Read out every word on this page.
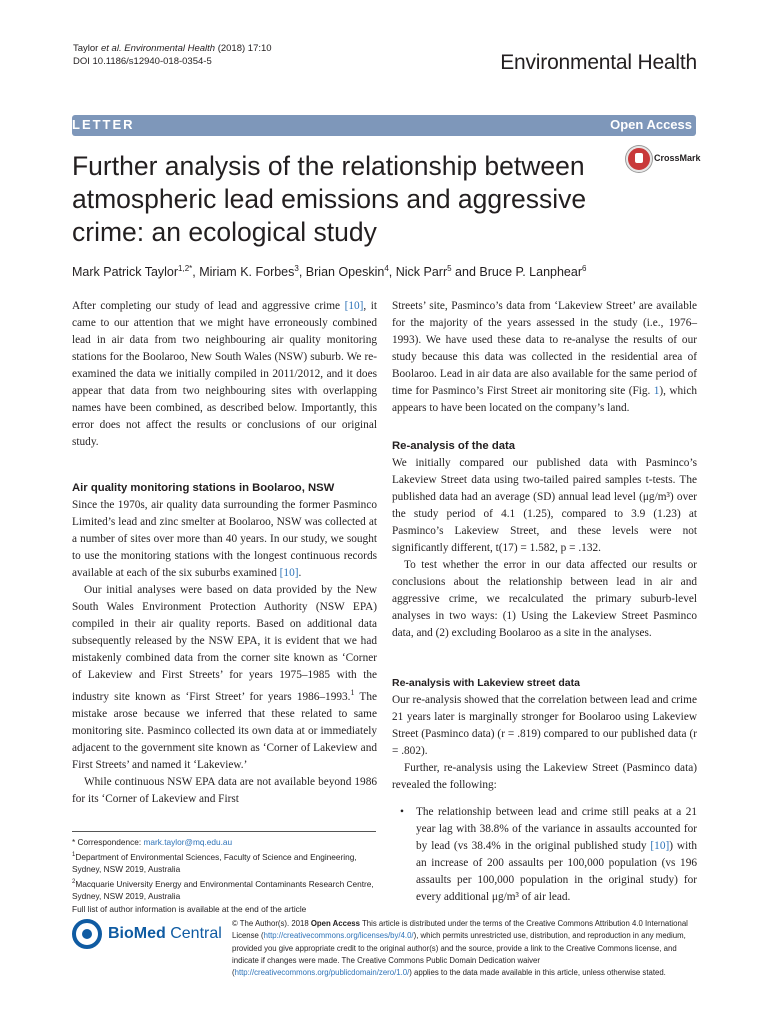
Taylor et al. Environmental Health (2018) 17:10
DOI 10.1186/s12940-018-0354-5	Environmental Health
LETTER	Open Access
Further analysis of the relationship between atmospheric lead emissions and aggressive crime: an ecological study
CrossMark
Mark Patrick Taylor$^{1,2*}$, Miriam K. Forbes$^3$, Brian Opeskin$^4$, Nick Parr$^5$ and Bruce P. Lanphear$^6$

After completing our study of lead and aggressive crime [10], it came to our attention that we might have erroneously combined lead in air data from two neighbouring air quality monitoring stations for the Boolaroo, New South Wales (NSW) suburb. We re-examined the data we initially compiled in 2011/2012, and it does appear that data from two neighbouring sites with overlapping names have been combined, as described below. Importantly, this error does not affect the results or conclusions of our original study.

Air quality monitoring stations in Boolaroo, NSW

Since the 1970s, air quality data surrounding the former Pasminco Limited’s lead and zinc smelter at Boolaroo, NSW was collected at a number of sites over more than 40 years. In our study, we sought to use the monitoring stations with the longest continuous records available at each of the six suburbs examined [10].

Our initial analyses were based on data provided by the New South Wales Environment Protection Authority (NSW EPA) compiled in their air quality reports. Based on additional data subsequently released by the NSW EPA, it is evident that we had mistakenly combined data from the corner site known as ‘Corner of Lakeview and First Streets’ for years 1975–1985 with the industry site known as ‘First Street’ for years 1986–1993.$^1$ The mistake arose because we inferred that these related to same monitoring site. Pasminco collected its own data at or immediately adjacent to the government site known as ‘Corner of Lakeview and First Streets’ and named it ‘Lakeview.’

While continuous NSW EPA data are not available beyond 1986 for its ‘Corner of Lakeview and First

* Correspondence: mark.taylor@mq.edu.au
$^1$Department of Environmental Sciences, Faculty of Science and Engineering, Sydney, NSW 2019, Australia
$^2$Macquarie University Energy and Environmental Contaminants Research Centre, Sydney, NSW 2019, Australia
Full list of author information is available at the end of the article

Streets’ site, Pasminco’s data from ‘Lakeview Street’ are available for the majority of the years assessed in the study (i.e., 1976–1993). We have used these data to re-analyse the results of our study because this data was collected in the residential area of Boolaroo. Lead in air data are also available for the same period of time for Pasminco’s First Street air monitoring site (Fig. 1), which appears to have been located on the company’s land.

Re-analysis of the data

We initially compared our published data with Pasminco’s Lakeview Street data using two-tailed paired samples t-tests. The published data had an average (SD) annual lead level (μg/m³) over the study period of 4.1 (1.25), compared to 3.9 (1.23) at Pasminco’s Lakeview Street, and these levels were not significantly different, t(17) = 1.582, p = .132.

To test whether the error in our data affected our results or conclusions about the relationship between lead in air and aggressive crime, we recalculated the primary suburb-level analyses in two ways: (1) Using the Lakeview Street Pasminco data, and (2) excluding Boolaroo as a site in the analyses.

Re-analysis with Lakeview street data

Our re-analysis showed that the correlation between lead and crime 21 years later is marginally stronger for Boolaroo using Lakeview Street (Pasminco data) (r = .819) compared to our published data (r = .802).

Further, re-analysis using the Lakeview Street (Pasminco data) revealed the following:

• The relationship between lead and crime still peaks at a 21 year lag with 38.8% of the variance in assaults accounted for by lead (vs 38.4% in the original published study [10]) with an increase of 200 assaults per 100,000 population (vs 196 assaults per 100,000 population in the original study) for every additional μg/m³ of air lead.
BioMed Central
© The Author(s). 2018 Open Access This article is distributed under the terms of the Creative Commons Attribution 4.0 International License (http://creativecommons.org/licenses/by/4.0/), which permits unrestricted use, distribution, and reproduction in any medium, provided you give appropriate credit to the original author(s) and the source, provide a link to the Creative Commons license, and indicate if changes were made. The Creative Commons Public Domain Dedication waiver (http://creativecommons.org/publicdomain/zero/1.0/) applies to the data made available in this article, unless otherwise stated.
